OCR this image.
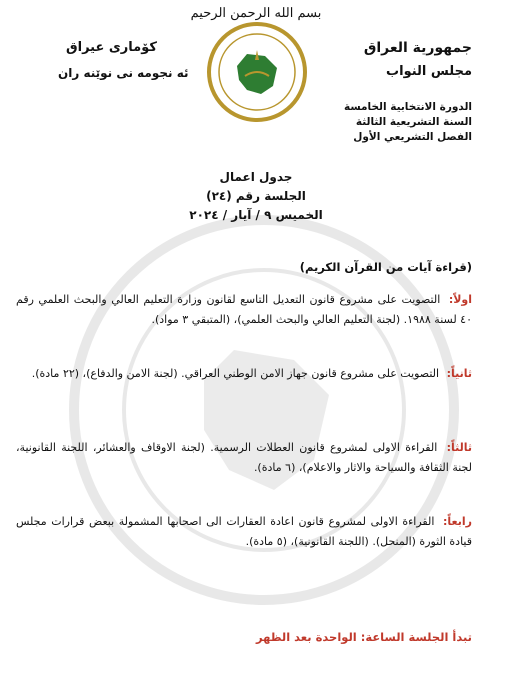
بسم الله الرحمن الرحيم
جمهورية العراق
مجلس النواب
كۆماری عیراق
ئه نجومه نی نوێنه ران
الدورة الانتخابية الخامسة
السنة التشريعية الثالثة
الفصل التشريعي الأول
جدول اعمال
الجلسة رقم (٢٤)
الخميس ٩ / آيار / ٢٠٢٤
(قراءة آيات من القرآن الكريم)
اولاً: التصويت على مشروع قانون التعديل التاسع لقانون وزارة التعليم العالي والبحث العلمي رقم ٤٠ لسنة ١٩٨٨. (لجنة التعليم العالي والبحث العلمي)، (المتبقي ٣ مواد).
ثانياً: التصويت على مشروع قانون جهاز الامن الوطني العراقي. (لجنة الامن والدفاع)، (٢٢ مادة).
ثالثاً: القراءة الاولى لمشروع قانون العطلات الرسمية. (لجنة الاوقاف والعشائر، اللجنة القانونية، لجنة الثقافة والسياحة والاثار والاعلام)، (٦ مادة).
رابعاً: القراءة الاولى لمشروع قانون اعادة العقارات الى اصحابها المشمولة ببعض قرارات مجلس قيادة الثورة (المنحل). (اللجنة القانونية)، (٥ مادة).
تبدأ الجلسة الساعة: الواحدة بعد الظهر
